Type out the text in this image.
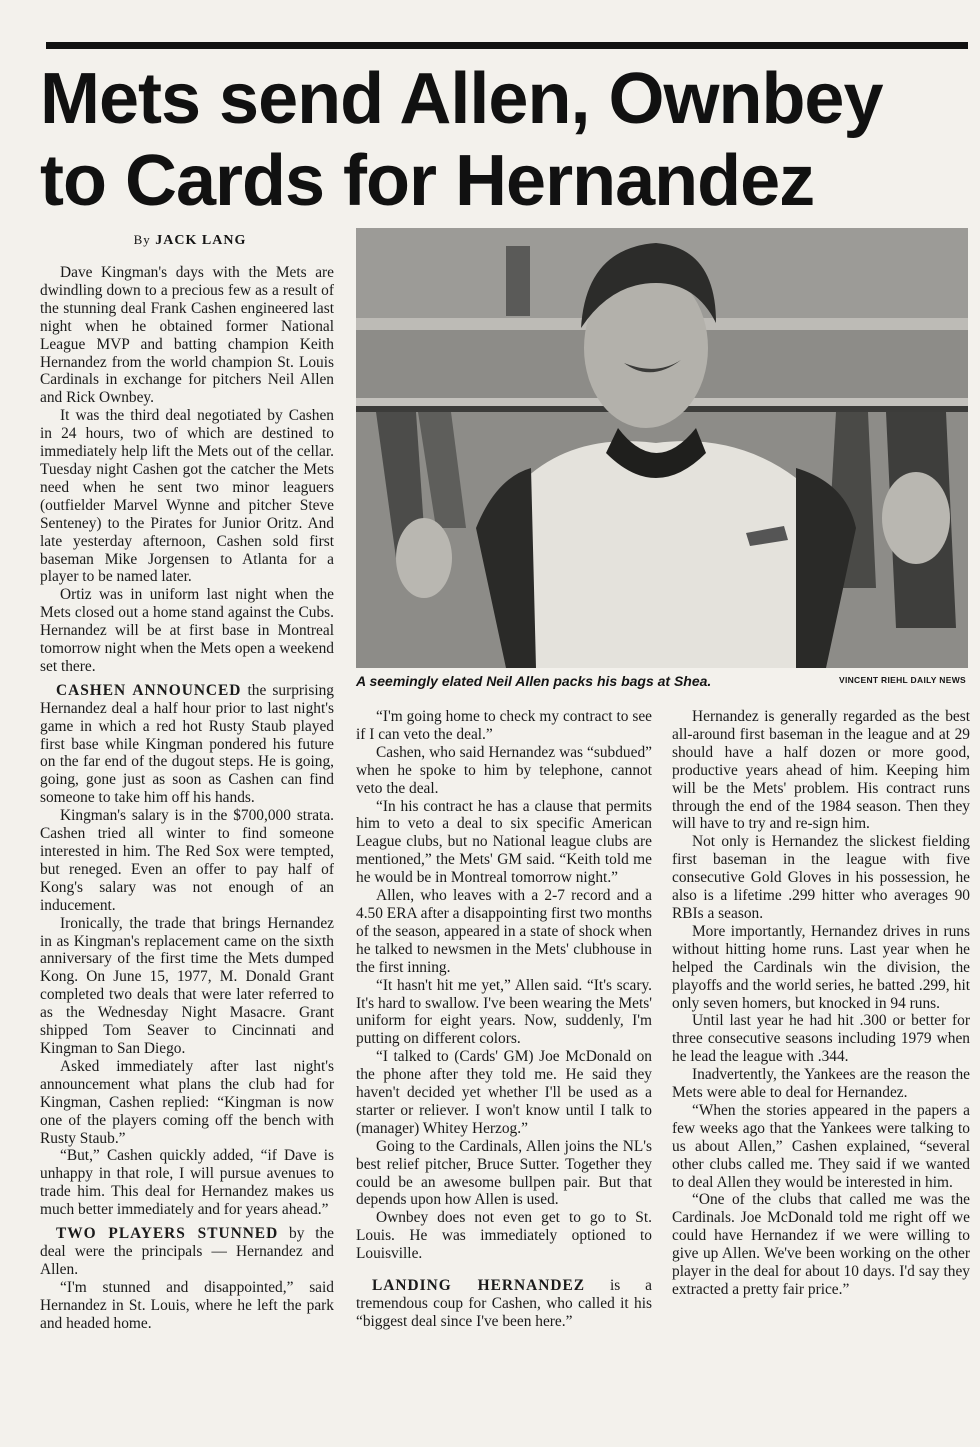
Mets send Allen, Ownbey
to Cards for Hernandez
By JACK LANG

Dave Kingman's days with the Mets are dwindling down to a precious few as a result of the stunning deal Frank Cashen engineered last night when he obtained former National League MVP and batting champion Keith Hernandez from the world champion St. Louis Cardinals in exchange for pitchers Neil Allen and Rick Ownbey.

It was the third deal negotiated by Cashen in 24 hours, two of which are destined to immediately help lift the Mets out of the cellar. Tuesday night Cashen got the catcher the Mets need when he sent two minor leaguers (outfielder Marvel Wynne and pitcher Steve Senteney) to the Pirates for Junior Oritz. And late yesterday afternoon, Cashen sold first baseman Mike Jorgensen to Atlanta for a player to be named later.

Ortiz was in uniform last night when the Mets closed out a home stand against the Cubs. Hernandez will be at first base in Montreal tomorrow night when the Mets open a weekend set there.

CASHEN ANNOUNCED the surprising Hernandez deal a half hour prior to last night's game in which a red hot Rusty Staub played first base while Kingman pondered his future on the far end of the dugout steps. He is going, going, gone just as soon as Cashen can find someone to take him off his hands.

Kingman's salary is in the $700,000 strata. Cashen tried all winter to find someone interested in him. The Red Sox were tempted, but reneged. Even an offer to pay half of Kong's salary was not enough of an inducement.

Ironically, the trade that brings Hernandez in as Kingman's replacement came on the sixth anniversary of the first time the Mets dumped Kong. On June 15, 1977, M. Donald Grant completed two deals that were later referred to as the Wednesday Night Masacre. Grant shipped Tom Seaver to Cincinnati and Kingman to San Diego.

Asked immediately after last night's announcement what plans the club had for Kingman, Cashen replied: “Kingman is now one of the players coming off the bench with Rusty Staub.”

“But,” Cashen quickly added, “if Dave is unhappy in that role, I will pursue avenues to trade him. This deal for Hernandez makes us much better immediately and for years ahead.”

TWO PLAYERS STUNNED by the deal were the principals — Hernandez and Allen.

“I'm stunned and disappointed,” said Hernandez in St. Louis, where he left the park and headed home.

A seemingly elated Neil Allen packs his bags at Shea.	VINCENT RIEHL DAILY NEWS

“I'm going home to check my contract to see if I can veto the deal.”

Cashen, who said Hernandez was “subdued” when he spoke to him by telephone, cannot veto the deal.

“In his contract he has a clause that permits him to veto a deal to six specific American League clubs, but no National league clubs are mentioned,” the Mets' GM said. “Keith told me he would be in Montreal tomorrow night.”

Allen, who leaves with a 2-7 record and a 4.50 ERA after a disappointing first two months of the season, appeared in a state of shock when he talked to newsmen in the Mets' clubhouse in the first inning.

“It hasn't hit me yet,” Allen said. “It's scary. It's hard to swallow. I've been wearing the Mets' uniform for eight years. Now, suddenly, I'm putting on different colors.

“I talked to (Cards' GM) Joe McDonald on the phone after they told me. He said they haven't decided yet whether I'll be used as a starter or reliever. I won't know until I talk to (manager) Whitey Herzog.”

Going to the Cardinals, Allen joins the NL's best relief pitcher, Bruce Sutter. Together they could be an awesome bullpen pair. But that depends upon how Allen is used.

Ownbey does not even get to go to St. Louis. He was immediately optioned to Louisville.

LANDING HERNANDEZ is a tremendous coup for Cashen, who called it his “biggest deal since I've been here.”

Hernandez is generally regarded as the best all-around first baseman in the league and at 29 should have a half dozen or more good, productive years ahead of him. Keeping him will be the Mets' problem. His contract runs through the end of the 1984 season. Then they will have to try and re-sign him.

Not only is Hernandez the slickest fielding first baseman in the league with five consecutive Gold Gloves in his possession, he also is a lifetime .299 hitter who averages 90 RBIs a season.

More importantly, Hernandez drives in runs without hitting home runs. Last year when he helped the Cardinals win the division, the playoffs and the world series, he batted .299, hit only seven homers, but knocked in 94 runs.

Until last year he had hit .300 or better for three consecutive seasons including 1979 when he lead the league with .344.

Inadvertently, the Yankees are the reason the Mets were able to deal for Hernandez.

“When the stories appeared in the papers a few weeks ago that the Yankees were talking to us about Allen,” Cashen explained, “several other clubs called me. They said if we wanted to deal Allen they would be interested in him.

“One of the clubs that called me was the Cardinals. Joe McDonald told me right off we could have Hernandez if we were willing to give up Allen. We've been working on the other player in the deal for about 10 days. I'd say they extracted a pretty fair price.”
